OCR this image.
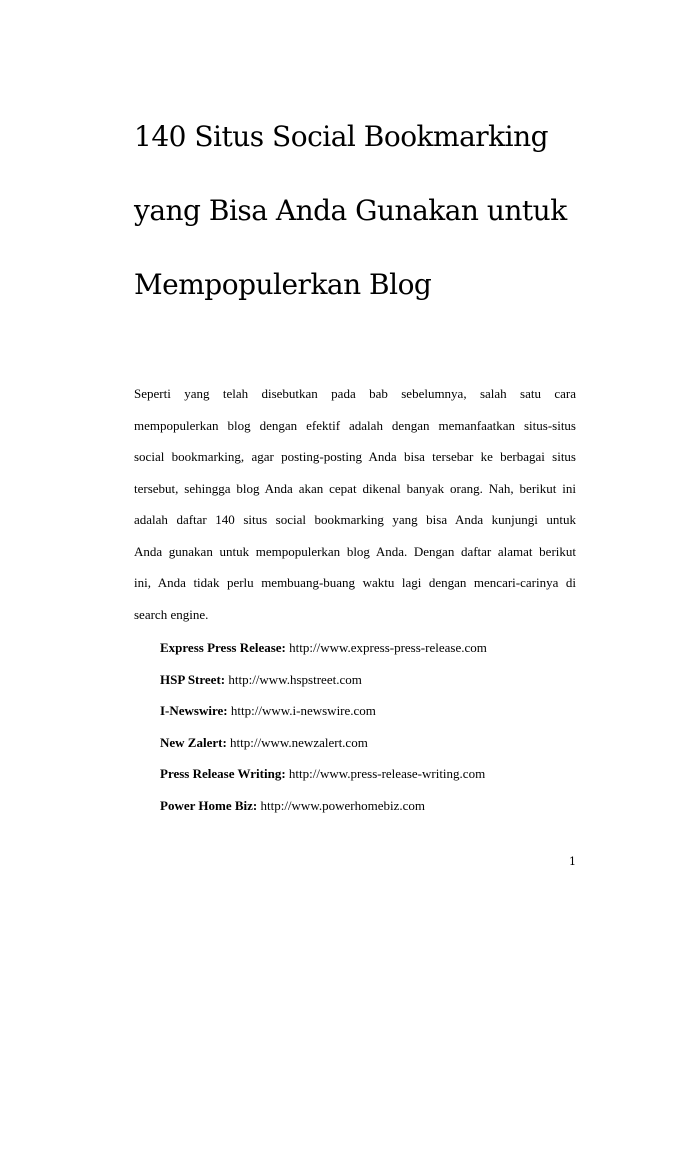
140 Situs Social Bookmarking
yang Bisa Anda Gunakan untuk
Mempopulerkan Blog

Seperti yang telah disebutkan pada bab sebelumnya, salah satu cara
mempopulerkan blog dengan efektif adalah dengan memanfaatkan situs-situs
social bookmarking, agar posting-posting Anda bisa tersebar ke berbagai situs
tersebut, sehingga blog Anda akan cepat dikenal banyak orang. Nah, berikut ini
adalah daftar 140 situs social bookmarking yang bisa Anda kunjungi untuk
Anda gunakan untuk mempopulerkan blog Anda. Dengan daftar alamat berikut
ini, Anda tidak perlu membuang-buang waktu lagi dengan mencari-carinya di
search engine.

Express Press Release: http://www.express-press-release.com
HSP Street: http://www.hspstreet.com
I-Newswire: http://www.i-newswire.com
New Zalert: http://www.newzalert.com
Press Release Writing: http://www.press-release-writing.com
Power Home Biz: http://www.powerhomebiz.com
1
